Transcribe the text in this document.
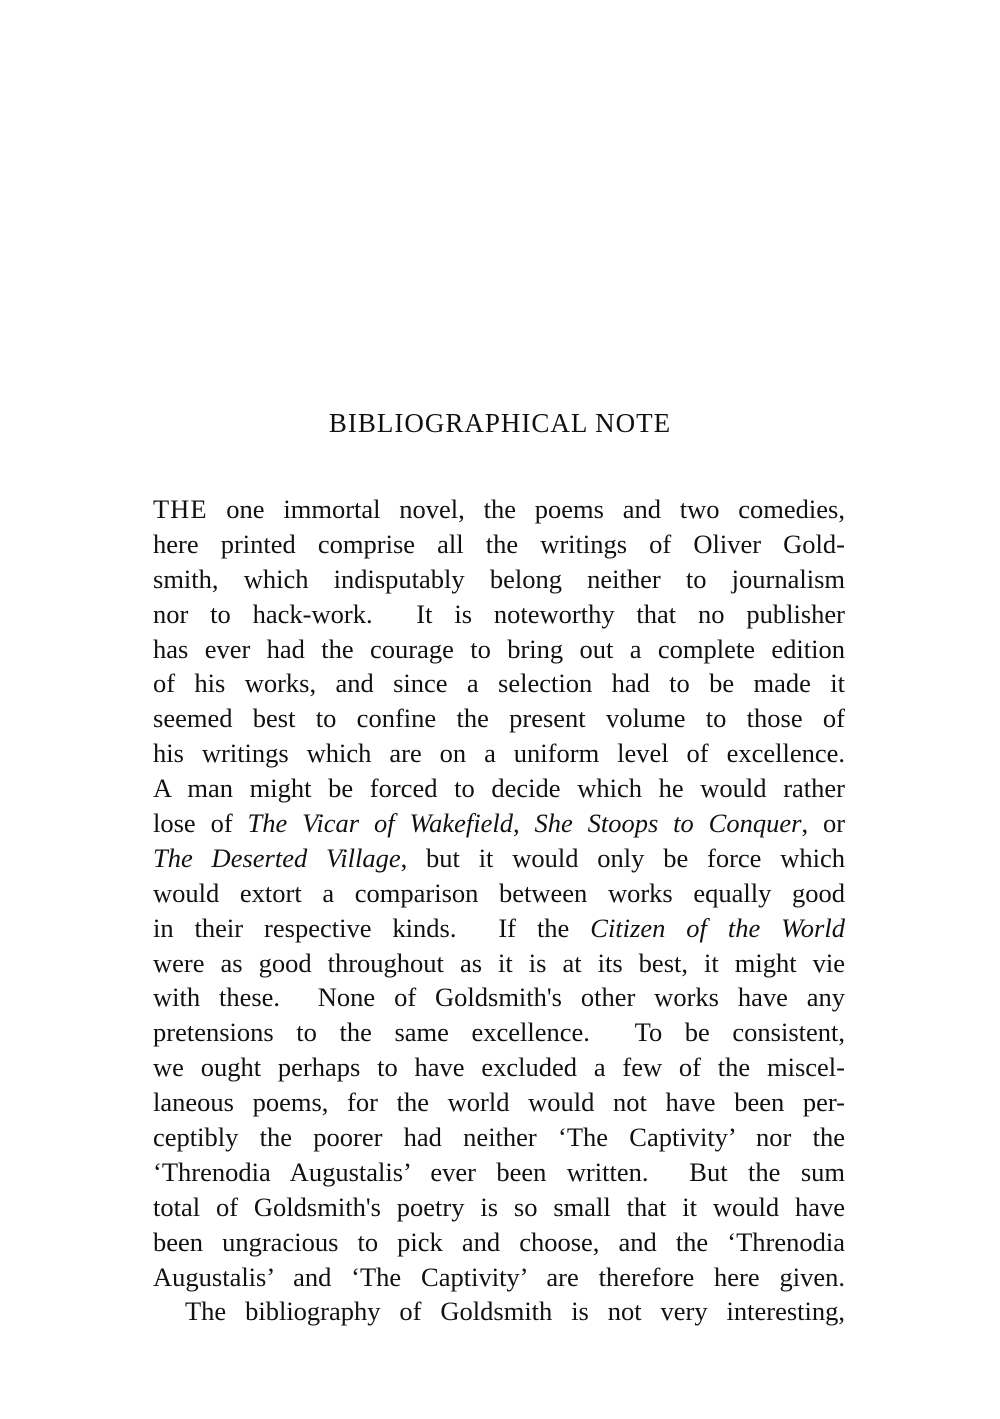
BIBLIOGRAPHICAL NOTE
THE one immortal novel, the poems and two comedies,
here printed comprise all the writings of Oliver Gold-
smith, which indisputably belong neither to journalism
nor to hack-work.  It is noteworthy that no publisher
has ever had the courage to bring out a complete edition
of his works, and since a selection had to be made it
seemed best to confine the present volume to those of
his writings which are on a uniform level of excellence.
A man might be forced to decide which he would rather
lose of The Vicar of Wakefield, She Stoops to Conquer, or
The Deserted Village, but it would only be force which
would extort a comparison between works equally good
in their respective kinds.  If the Citizen of the World
were as good throughout as it is at its best, it might vie
with these.  None of Goldsmith's other works have any
pretensions to the same excellence.  To be consistent,
we ought perhaps to have excluded a few of the miscel-
laneous poems, for the world would not have been per-
ceptibly the poorer had neither ‘The Captivity’ nor the
‘Threnodia Augustalis’ ever been written.  But the sum
total of Goldsmith's poetry is so small that it would have
been ungracious to pick and choose, and the ‘Threnodia
Augustalis’ and ‘The Captivity’ are therefore here given.
The bibliography of Goldsmith is not very interesting,
